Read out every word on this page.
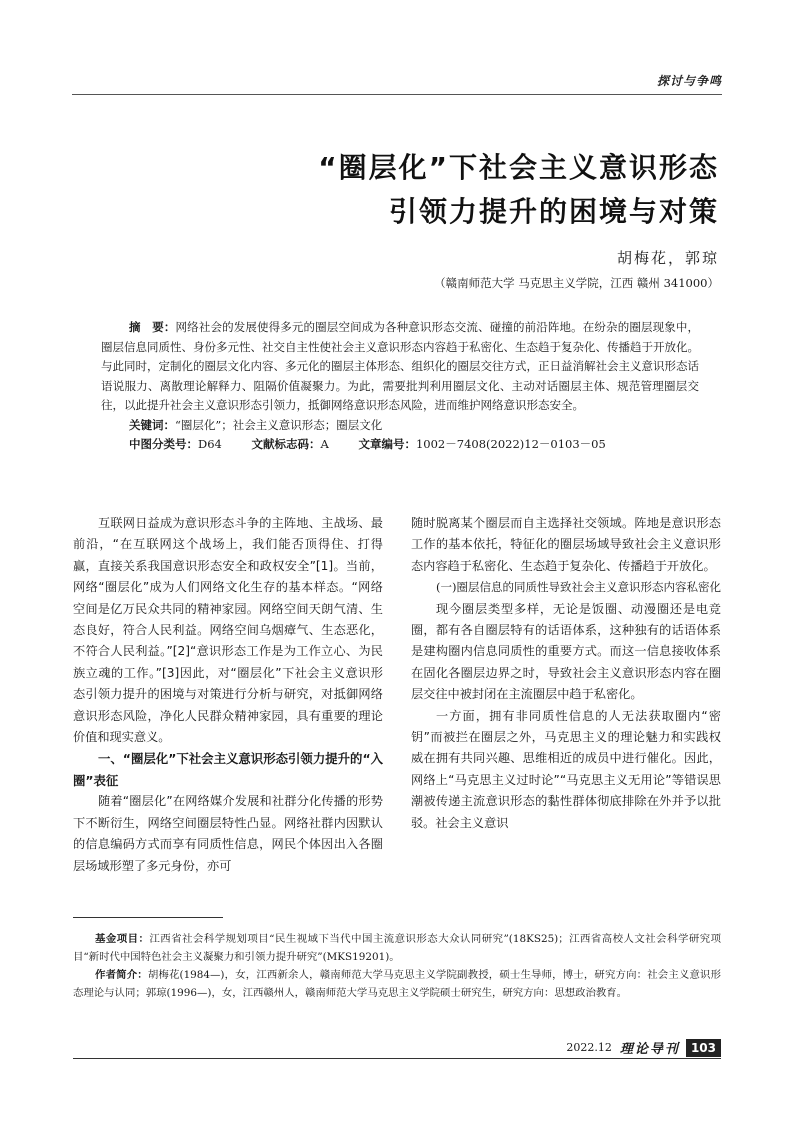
探讨与争鸣
“圈层化”下社会主义意识形态
引领力提升的困境与对策
胡梅花，郭琼
（赣南师范大学 马克思主义学院，江西 赣州 341000）

摘　要：网络社会的发展使得多元的圈层空间成为各种意识形态交流、碰撞的前沿阵地。在纷杂的圈层现象中，圈层信息同质性、身份多元性、社交自主性使社会主义意识形态内容趋于私密化、生态趋于复杂化、传播趋于开放化。与此同时，定制化的圈层文化内容、多元化的圈层主体形态、组织化的圈层交往方式，正日益消解社会主义意识形态话语说服力、离散理论解释力、阻隔价值凝聚力。为此，需要批判利用圈层文化、主动对话圈层主体、规范管理圈层交往，以此提升社会主义意识形态引领力，抵御网络意识形态风险，进而维护网络意识形态安全。

关键词：“圈层化”；社会主义意识形态；圈层文化

中图分类号：D64	文献标志码：A	文章编号：1002－7408(2022)12－0103－05

互联网日益成为意识形态斗争的主阵地、主战场、最前沿，“在互联网这个战场上，我们能否顶得住、打得赢，直接关系我国意识形态安全和政权安全”[1]。当前，网络“圈层化”成为人们网络文化生存的基本样态。“网络空间是亿万民众共同的精神家园。网络空间天朗气清、生态良好，符合人民利益。网络空间乌烟瘴气、生态恶化，不符合人民利益。”[2]“意识形态工作是为工作立心、为民族立魂的工作。”[3]因此，对“圈层化”下社会主义意识形态引领力提升的困境与对策进行分析与研究，对抵御网络意识形态风险，净化人民群众精神家园，具有重要的理论价值和现实意义。

一、“圈层化”下社会主义意识形态引领力提升的“入圈”表征

随着“圈层化”在网络媒介发展和社群分化传播的形势下不断衍生，网络空间圈层特性凸显。网络社群内因默认的信息编码方式而享有同质性信息，网民个体因出入各圈层场域形塑了多元身份，亦可

随时脱离某个圈层而自主选择社交领域。阵地是意识形态工作的基本依托，特征化的圈层场域导致社会主义意识形态内容趋于私密化、生态趋于复杂化、传播趋于开放化。

(一)圈层信息的同质性导致社会主义意识形态内容私密化

现今圈层类型多样，无论是饭圈、动漫圈还是电竞圈，都有各自圈层特有的话语体系，这种独有的话语体系是建构圈内信息同质性的重要方式。而这一信息接收体系在固化各圈层边界之时，导致社会主义意识形态内容在圈层交往中被封闭在主流圈层中趋于私密化。

一方面，拥有非同质性信息的人无法获取圈内“密钥”而被拦在圈层之外，马克思主义的理论魅力和实践权威在拥有共同兴趣、思维相近的成员中进行催化。因此，网络上“马克思主义过时论”“马克思主义无用论”等错误思潮被传递主流意识形态的黏性群体彻底排除在外并予以批驳。社会主义意识

基金项目：江西省社会科学规划项目“民生视域下当代中国主流意识形态大众认同研究”(18KS25)；江西省高校人文社会科学研究项目“新时代中国特色社会主义凝聚力和引领力提升研究”(MKS19201)。

作者简介：胡梅花(1984—)，女，江西新余人，赣南师范大学马克思主义学院副教授，硕士生导师，博士，研究方向：社会主义意识形态理论与认同；郭琼(1996—)，女，江西赣州人，赣南师范大学马克思主义学院硕士研究生，研究方向：思想政治教育。

2022.12 理论导刊 103
